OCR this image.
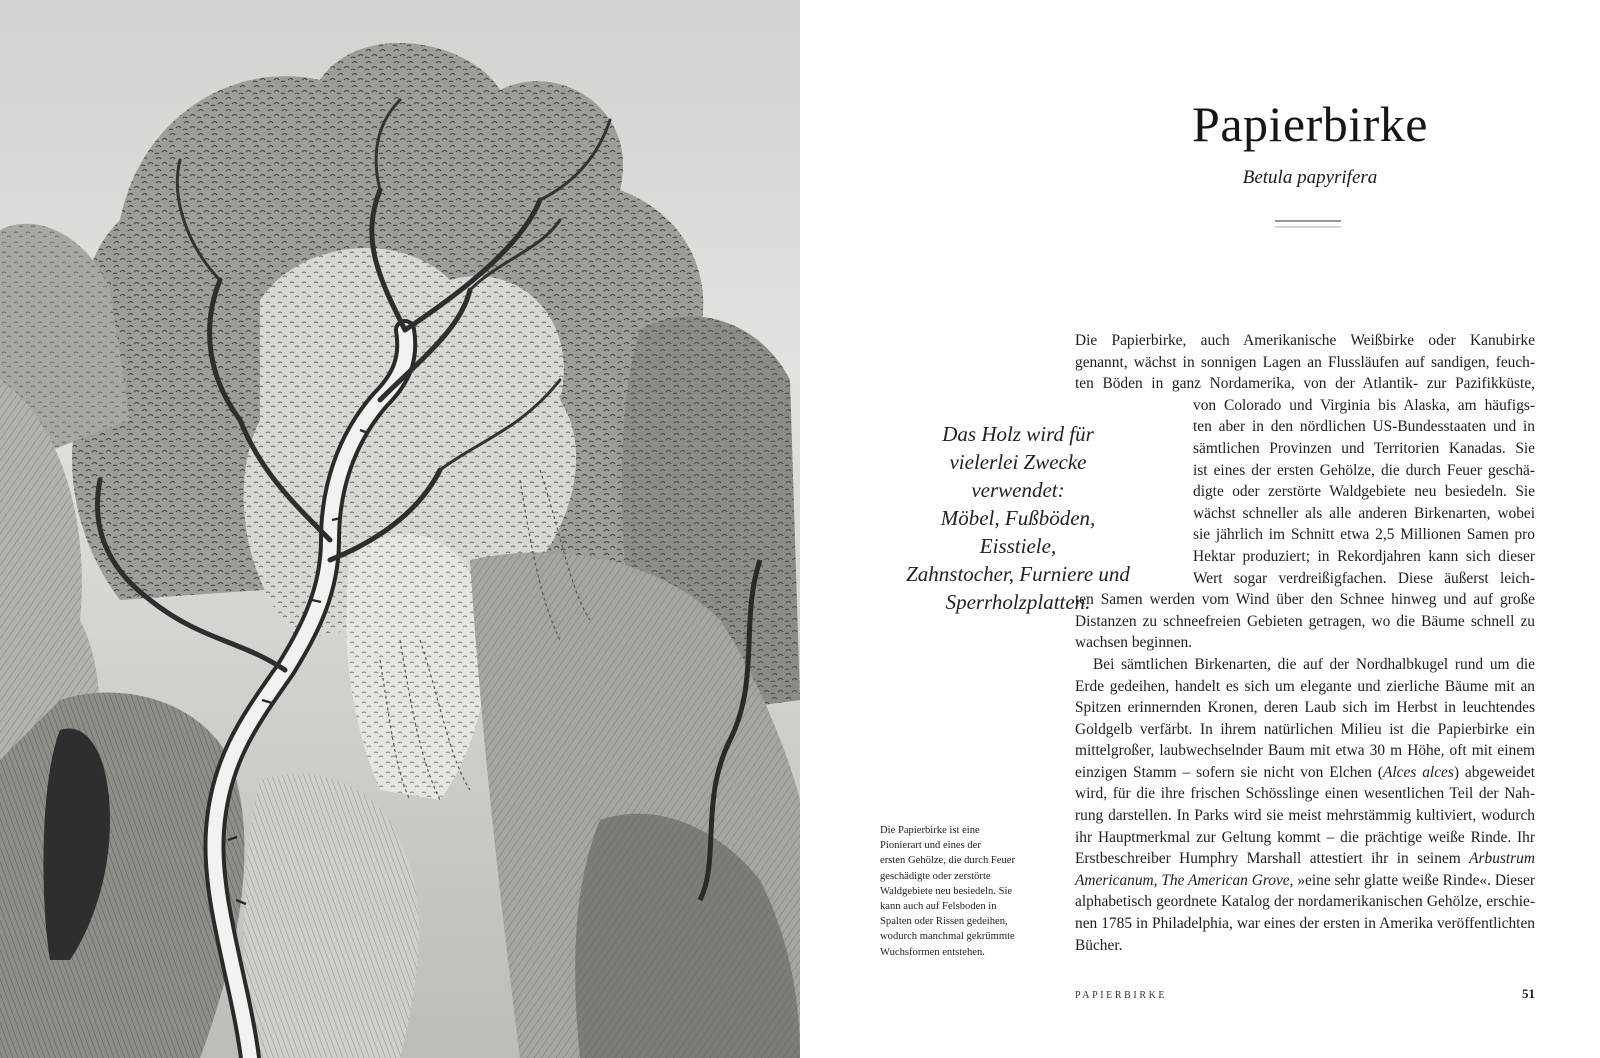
Papierbirke
Betula papyrifera
Das Holz wird für
vielerlei Zwecke verwendet:
Möbel, Fußböden, Eisstiele,
Zahnstocher, Furniere und
Sperrholzplatten.
Die Papierbirke ist eine
Pionierart und eines der
ersten Gehölze, die durch Feuer
geschädigte oder zerstörte
Waldgebiete neu besiedeln. Sie
kann auch auf Felsboden in
Spalten oder Rissen gedeihen,
wodurch manchmal gekrümmte
Wuchsformen entstehen.
Die Papierbirke, auch Amerikanische Weißbirke oder Kanubirke
genannt, wächst in sonnigen Lagen an Flussläufen auf sandigen, feuch-
ten Böden in ganz Nordamerika, von der Atlantik- zur Pazifikküste,
von Colorado und Virginia bis Alaska, am häufigs-
ten aber in den nördlichen US-Bundesstaaten und in
sämtlichen Provinzen und Territorien Kanadas. Sie
ist eines der ersten Gehölze, die durch Feuer geschä-
digte oder zerstörte Waldgebiete neu besiedeln. Sie
wächst schneller als alle anderen Birkenarten, wobei
sie jährlich im Schnitt etwa 2,5 Millionen Samen pro
Hektar produziert; in Rekordjahren kann sich dieser
Wert sogar verdreißigfachen. Diese äußerst leich-
ten Samen werden vom Wind über den Schnee hinweg und auf große
Distanzen zu schneefreien Gebieten getragen, wo die Bäume schnell zu
wachsen beginnen.
Bei sämtlichen Birkenarten, die auf der Nordhalbkugel rund um die
Erde gedeihen, handelt es sich um elegante und zierliche Bäume mit an
Spitzen erinnernden Kronen, deren Laub sich im Herbst in leuchtendes
Goldgelb verfärbt. In ihrem natürlichen Milieu ist die Papierbirke ein
mittelgroßer, laubwechselnder Baum mit etwa 30 m Höhe, oft mit einem
einzigen Stamm – sofern sie nicht von Elchen (Alces alces) abgeweidet
wird, für die ihre frischen Schösslinge einen wesentlichen Teil der Nah-
rung darstellen. In Parks wird sie meist mehrstämmig kultiviert, wodurch
ihr Hauptmerkmal zur Geltung kommt – die prächtige weiße Rinde. Ihr
Erstbeschreiber Humphry Marshall attestiert ihr in seinem Arbustrum
Americanum, The American Grove, »eine sehr glatte weiße Rinde«. Dieser
alphabetisch geordnete Katalog der nordamerikanischen Gehölze, erschie-
nen 1785 in Philadelphia, war eines der ersten in Amerika veröffentlichten
Bücher.
PAPIERBIRKE	51
